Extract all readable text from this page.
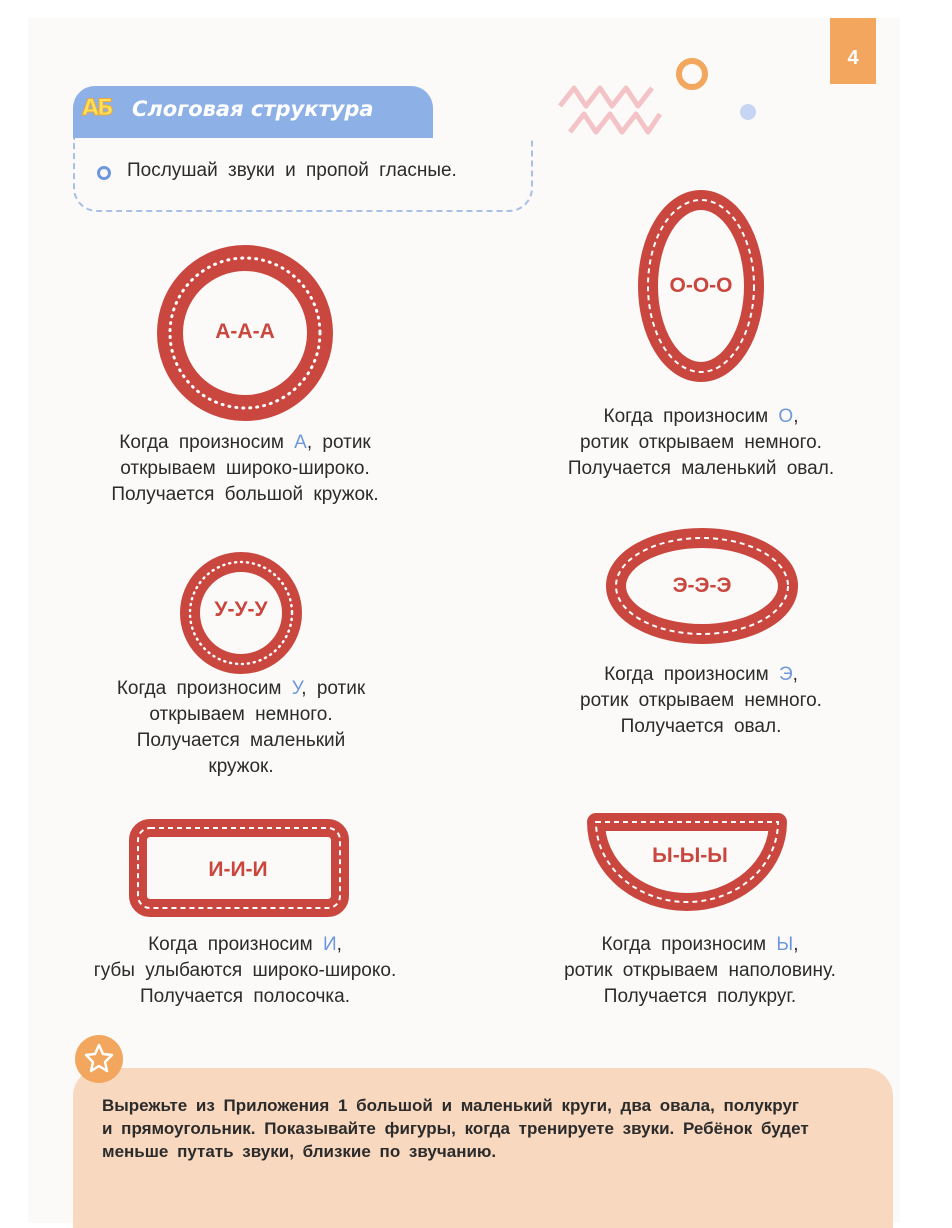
4
АБ Слоговая структура
Послушай звуки и пропой гласные.
А-А-А
Когда произносим А, ротик
открываем широко-широко.
Получается большой кружок.
О-О-О
Когда произносим О,
ротик открываем немного.
Получается маленький овал.
У-У-У
Когда произносим У, ротик
открываем немного.
Получается маленький
кружок.
Э-Э-Э
Когда произносим Э,
ротик открываем немного.
Получается овал.
И-И-И
Когда произносим И,
губы улыбаются широко-широко.
Получается полосочка.
Ы-Ы-Ы
Когда произносим Ы,
ротик открываем наполовину.
Получается полукруг.
Вырежьте из Приложения 1 большой и маленький круги, два овала, полукруг
и прямоугольник. Показывайте фигуры, когда тренируете звуки. Ребёнок будет
меньше путать звуки, близкие по звучанию.
